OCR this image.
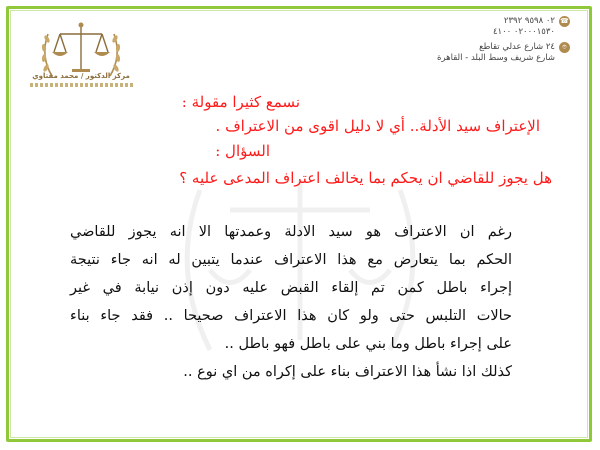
مركز الدكتور / محمد مقتاوي
☎
٠٢ ٩٥٩٨ ٢٣٩٢
٠٢٠٠٠١٥٣٠ ٤١٠٠
⌾
٢٤ شارع عدلي تقاطع
شارع شريف وسط البلد - القاهرة
نسمع كثيرا مقولة :
الإعتراف سيد الأدلة.. أي لا دليل اقوى من الاعتراف .
السؤال :
هل يجوز للقاضي ان يحكم بما يخالف اعتراف المدعى عليه ؟
رغم ان الاعتراف هو سيد الادلة وعمدتها الا انه يجوز للقاضي
الحكم بما يتعارض مع هذا الاعتراف عندما يتبين له انه جاء نتيجة
إجراء باطل كمن تم إلقاء القبض عليه دون إذن نيابة في غير
حالات التلبس حتى ولو كان هذا الاعتراف صحيحا .. فقد جاء بناء
على إجراء باطل وما بني على باطل فهو باطل ..
كذلك اذا نشأ هذا الاعتراف بناء على إكراه من اي نوع ..
